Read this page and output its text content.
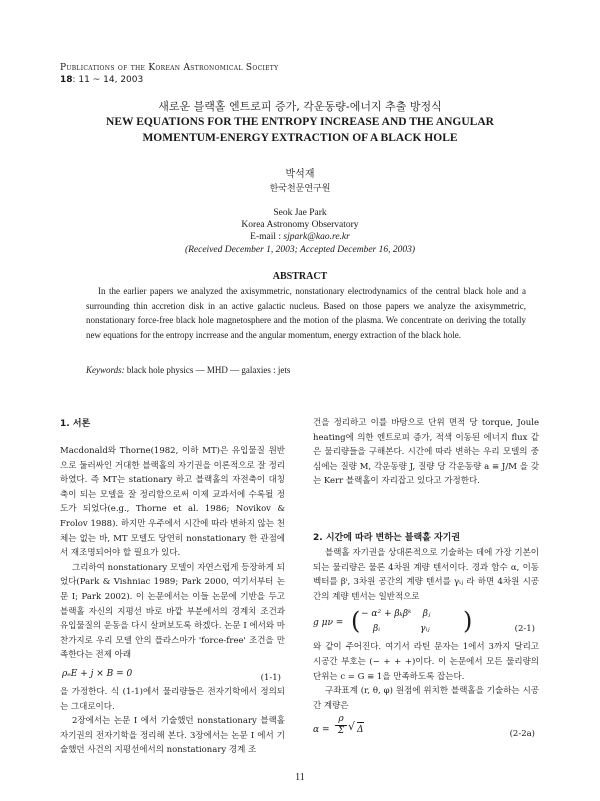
Publications of the Korean Astronomical Society
18: 11 ~ 14, 2003
새로운 블랙홀 엔트로피 증가, 각운동량-에너지 추출 방정식
NEW EQUATIONS FOR THE ENTROPY INCREASE AND THE ANGULAR
MOMENTUM-ENERGY EXTRACTION OF A BLACK HOLE
박석재
한국천문연구원
Seok Jae Park
Korea Astronomy Observatory
E-mail : sjpark@kao.re.kr
(Received December 1, 2003; Accepted December 16, 2003)
ABSTRACT
In the earlier papers we analyzed the axisymmetric, nonstationary electrodynamics of the central black hole and a surrounding thin accretion disk in an active galactic nucleus. Based on those papers we analyze the axisymmetric, nonstationary force-free black hole magnetosphere and the motion of the plasma. We concentrate on deriving the totally new equations for the entropy incrrease and the angular momentum, energy extraction of the black hole.
Keywords: black hole physics — MHD — galaxies : jets
1. 서론

Macdonald와 Thorne(1982, 이하 MT)은 유입물질 원반으로 둘러싸인 거대한 블랙홀의 자기권을 이론적으로 잘 정리하였다. 즉 MT는 stationary 하고 블랙홀의 자전축이 대칭축이 되는 모델을 잘 정리함으로써 이제 교과서에 수록될 정도가 되었다(e.g., Thorne et al. 1986; Novikov & Frolov 1988). 하지만 우주에서 시간에 따라 변하지 않는 천체는 없는 바, MT 모델도 당연히 nonstationary 한 관점에서 재조명되어야 할 필요가 있다.

그리하여 nonstationary 모델이 자연스럽게 등장하게 되었다(Park & Vishniac 1989; Park 2000, 여기서부터 논문 I; Park 2002). 이 논문에서는 이들 논문에 기반을 두고 블랙홀 자신의 지평선 바로 바깥 부분에서의 경계치 조건과 유입물질의 운동을 다시 살펴보도록 하겠다. 논문 I 에서와 마찬가지로 우리 모델 안의 플라스마가 'force-free' 조건을 만족한다는 전제 아래

ρₑE + j × B = 0	(1-1)

을 가정한다. 식 (1-1)에서 물리량들은 전자기학에서 정의되는 그대로이다.

2장에서는 논문 I 에서 기술했던 nonstationary 블랙홀 자기권의 전자기학을 정리해 본다. 3장에서는 논문 I 에서 기술했던 사건의 지평선에서의 nonstationary 경계 조

건을 정리하고 이를 바탕으로 단위 면적 당 torque, Joule heating에 의한 엔트로피 증가, 적색 이동된 에너지 flux 같은 물리량들을 구해본다. 시간에 따라 변하는 우리 모델의 중심에는 질량 M, 각운동량 J, 질량 당 각운동량 a ≡ J/M 을 갖는 Kerr 블랙홀이 자리잡고 있다고 가정한다.

2. 시간에 따라 변하는 블랙홀 자기권

블랙홀 자기권을 상대론적으로 기술하는 데에 가장 기본이 되는 물리량은 물론 4차원 계량 텐서이다. 경과 함수 α, 이동 벡터를 βⁱ, 3차원 공간의 계량 텐서를 γᵢⱼ 라 하면 4차원 시공간의 계량 텐서는 일반적으로

g μν = ( − α² + βₖβᵏ    βⱼ
βᵢ              γᵢⱼ )	(2-1)

와 같이 주어진다. 여기서 라틴 문자는 1에서 3까지 달리고 시공간 부호는 (− + + +)이다. 이 논문에서 모든 물리량의 단위는 c = G ≡ 1을 만족하도록 잡는다.

구좌표계 (r, θ, φ) 원점에 위치한 블랙홀을 기술하는 시공간 계량은

$\alpha = \frac{\rho}{\Sigma}$ √ Δ	(2-2a)
11
